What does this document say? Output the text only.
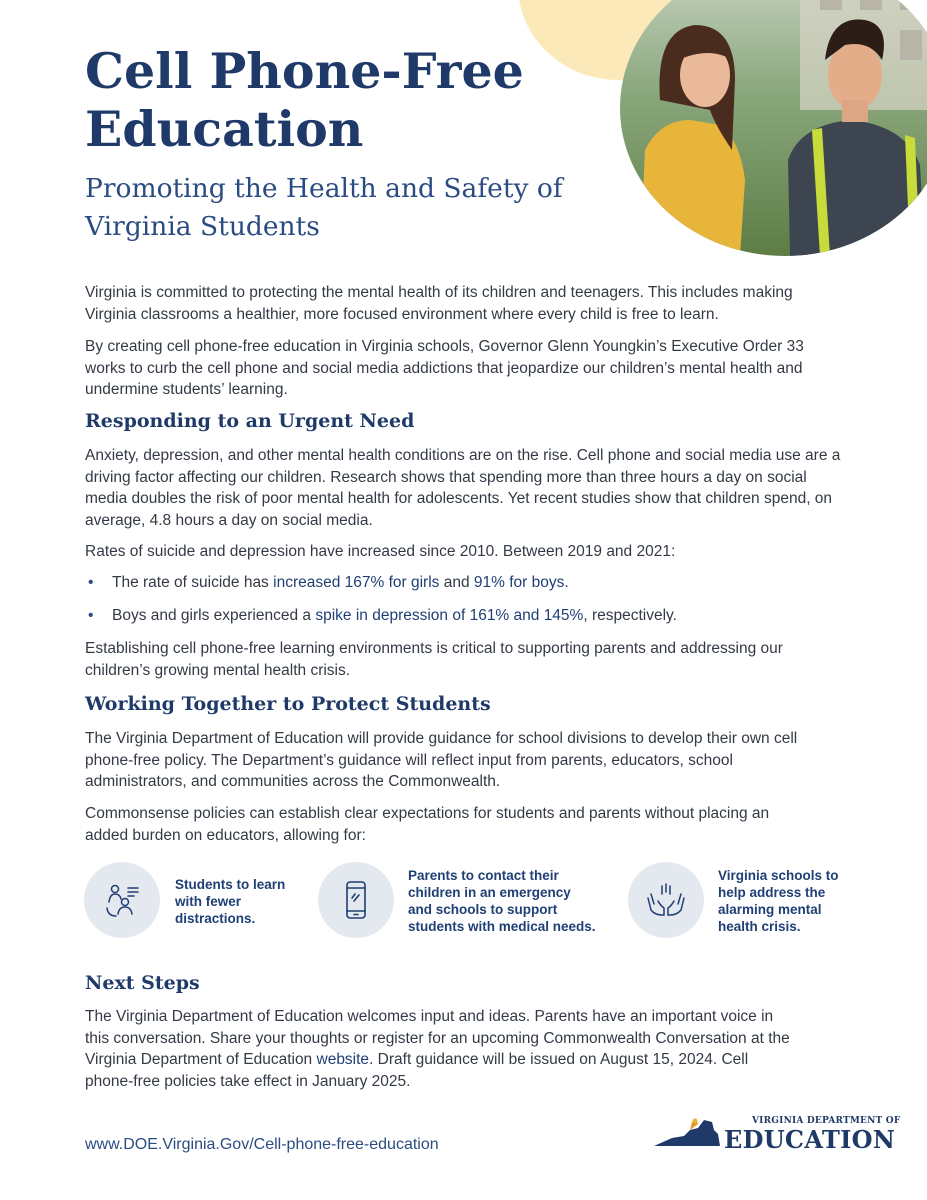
Cell Phone-Free Education
Promoting the Health and Safety of Virginia Students

Virginia is committed to protecting the mental health of its children and teenagers. This includes making Virginia classrooms a healthier, more focused environment where every child is free to learn.

By creating cell phone-free education in Virginia schools, Governor Glenn Youngkin’s Executive Order 33 works to curb the cell phone and social media addictions that jeopardize our children’s mental health and undermine students’ learning.

Responding to an Urgent Need

Anxiety, depression, and other mental health conditions are on the rise. Cell phone and social media use are a driving factor affecting our children. Research shows that spending more than three hours a day on social media doubles the risk of poor mental health for adolescents. Yet recent studies show that children spend, on average, 4.8 hours a day on social media.

Rates of suicide and depression have increased since 2010. Between 2019 and 2021:

• The rate of suicide has increased 167% for girls and 91% for boys.
• Boys and girls experienced a spike in depression of 161% and 145%, respectively.

Establishing cell phone-free learning environments is critical to supporting parents and addressing our children’s growing mental health crisis.

Working Together to Protect Students

The Virginia Department of Education will provide guidance for school divisions to develop their own cell phone-free policy. The Department’s guidance will reflect input from parents, educators, school administrators, and communities across the Commonwealth.

Commonsense policies can establish clear expectations for students and parents without placing an added burden on educators, allowing for:

Students to learn with fewer distractions.

Parents to contact their children in an emergency and schools to support students with medical needs.

Virginia schools to help address the alarming mental health crisis.

Next Steps

The Virginia Department of Education welcomes input and ideas. Parents have an important voice in this conversation. Share your thoughts or register for an upcoming Commonwealth Conversation at the Virginia Department of Education website. Draft guidance will be issued on August 15, 2024. Cell phone-free policies take effect in January 2025.

www.DOE.Virginia.Gov/Cell-phone-free-education

VIRGINIA DEPARTMENT OF
EDUCATION
